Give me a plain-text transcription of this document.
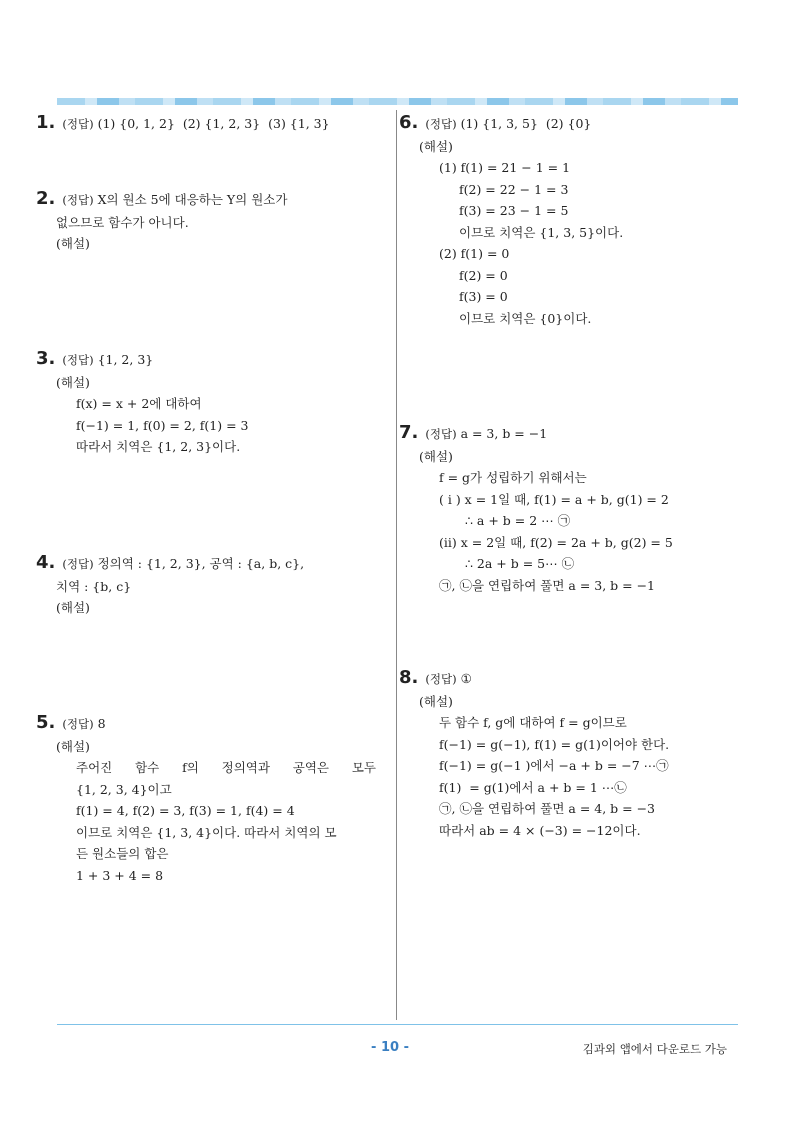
1. (정답) (1) {0, 1, 2}  (2) {1, 2, 3}  (3) {1, 3}
2. (정답) X의 원소 5에 대응하는 Y의 원소가
없으므로 함수가 아니다.
(해설)
3. (정답) {1, 2, 3}
(해설)
f(x) = x + 2에 대하여
f(−1) = 1, f(0) = 2, f(1) = 3
따라서 치역은 {1, 2, 3}이다.
4. (정답) 정의역 : {1, 2, 3}, 공역 : {a, b, c},
치역 : {b, c}
(해설)
5. (정답) 8
(해설)
주어진 함수 f의 정의역과 공역은 모두
{1, 2, 3, 4}이고
f(1) = 4, f(2) = 3, f(3) = 1, f(4) = 4
이므로 치역은 {1, 3, 4}이다. 따라서 치역의 모
든 원소들의 합은
1 + 3 + 4 = 8
6. (정답) (1) {1, 3, 5}  (2) {0}
(해설)
(1) f(1) = 21 − 1 = 1
f(2) = 22 − 1 = 3
f(3) = 23 − 1 = 5
이므로 치역은 {1, 3, 5}이다.
(2) f(1) = 0
f(2) = 0
f(3) = 0
이므로 치역은 {0}이다.
7. (정답) a = 3, b = −1
(해설)
f = g가 성립하기 위해서는
( i ) x = 1일 때, f(1) = a + b, g(1) = 2
∴ a + b = 2 ⋯ ㉠
(ii) x = 2일 때, f(2) = 2a + b, g(2) = 5
∴ 2a + b = 5⋯ ㉡
㉠, ㉡을 연립하여 풀면 a = 3, b = −1
8. (정답) ①
(해설)
두 함수 f, g에 대하여 f = g이므로
f(−1) = g(−1), f(1) = g(1)이어야 한다.
f(−1) = g(−1 )에서 −a + b = −7 ⋯㉠
f(1)  = g(1)에서 a + b = 1 ⋯㉡
㉠, ㉡을 연립하여 풀면 a = 4, b = −3
따라서 ab = 4 × (−3) = −12이다.
- 10 -	김과외 앱에서 다운로드 가능
